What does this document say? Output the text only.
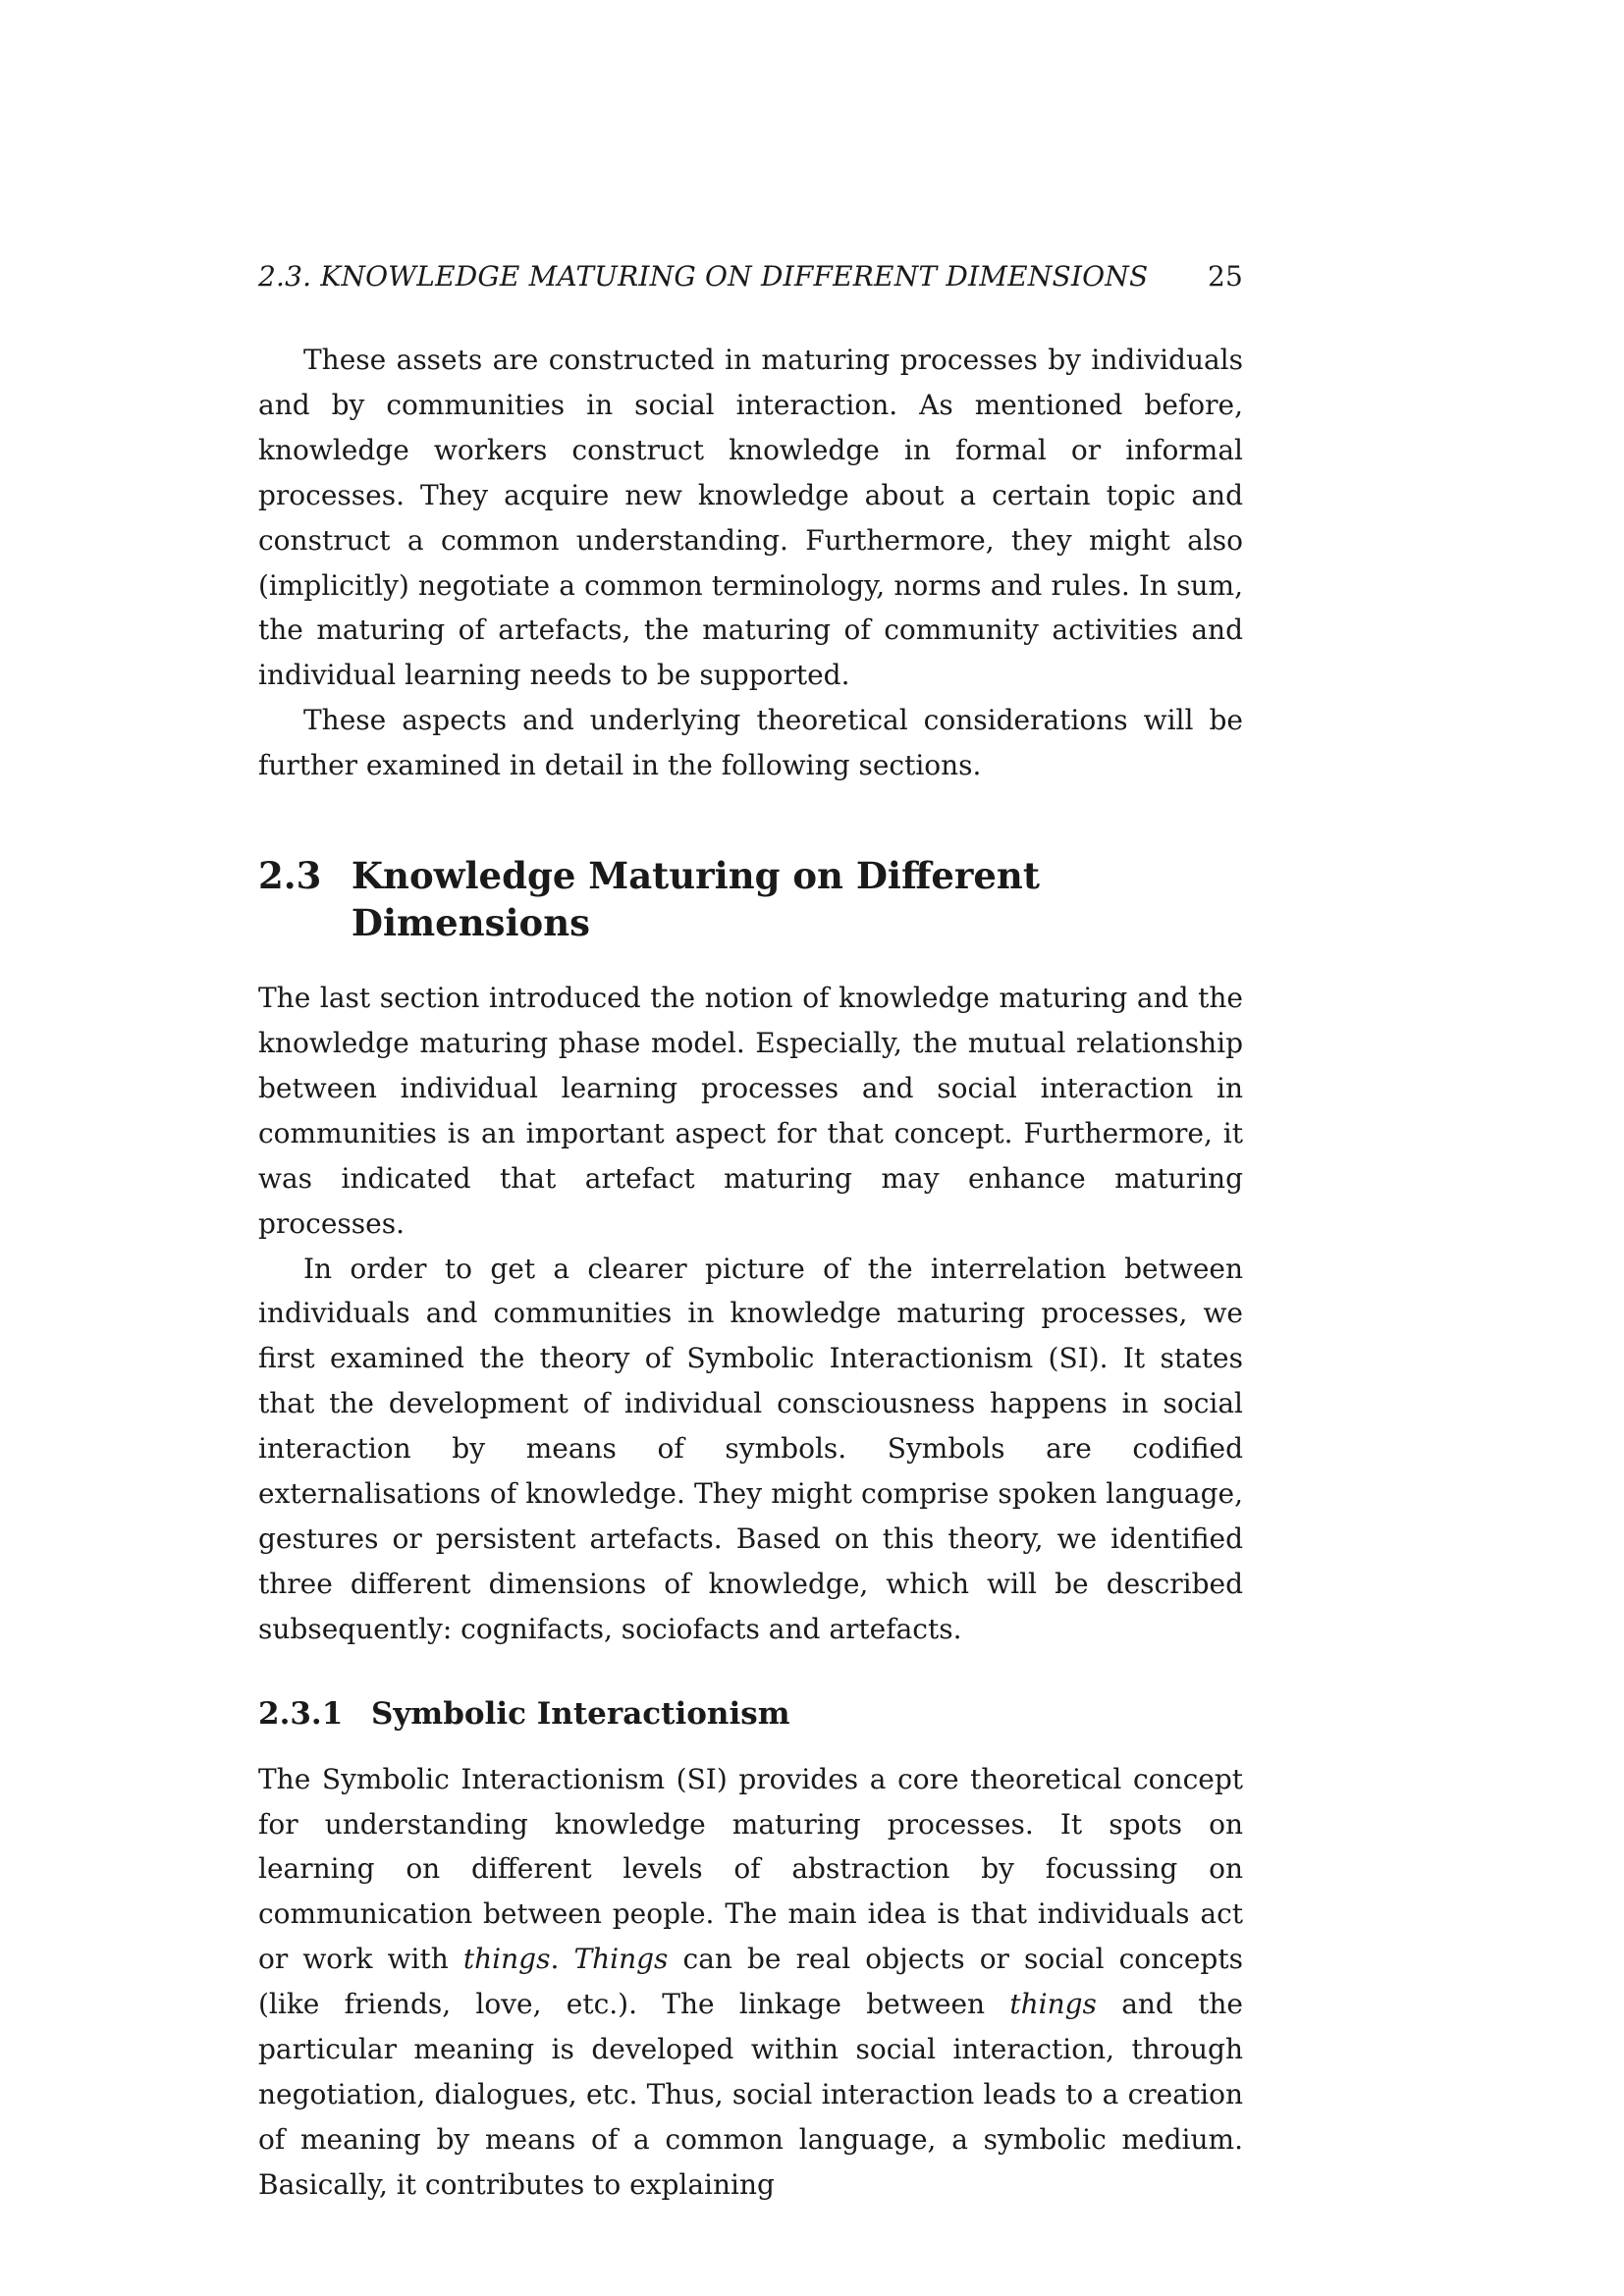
2.3. KNOWLEDGE MATURING ON DIFFERENT DIMENSIONS 25

These assets are constructed in maturing processes by individuals and by communities in social interaction. As mentioned before, knowledge workers construct knowledge in formal or informal processes. They acquire new knowledge about a certain topic and construct a common understanding. Furthermore, they might also (implicitly) negotiate a common terminology, norms and rules. In sum, the maturing of artefacts, the maturing of community activities and individual learning needs to be supported.

These aspects and underlying theoretical considerations will be further examined in detail in the following sections.

2.3 Knowledge Maturing on Different Dimensions

The last section introduced the notion of knowledge maturing and the knowledge maturing phase model. Especially, the mutual relationship between individual learning processes and social interaction in communities is an important aspect for that concept. Furthermore, it was indicated that artefact maturing may enhance maturing processes.

In order to get a clearer picture of the interrelation between individuals and communities in knowledge maturing processes, we first examined the theory of Symbolic Interactionism (SI). It states that the development of individual consciousness happens in social interaction by means of symbols. Symbols are codified externalisations of knowledge. They might comprise spoken language, gestures or persistent artefacts. Based on this theory, we identified three different dimensions of knowledge, which will be described subsequently: cognifacts, sociofacts and artefacts.

2.3.1 Symbolic Interactionism

The Symbolic Interactionism (SI) provides a core theoretical concept for understanding knowledge maturing processes. It spots on learning on different levels of abstraction by focussing on communication between people. The main idea is that individuals act or work with things. Things can be real objects or social concepts (like friends, love, etc.). The linkage between things and the particular meaning is developed within social interaction, through negotiation, dialogues, etc. Thus, social interaction leads to a creation of meaning by means of a common language, a symbolic medium. Basically, it contributes to explaining
